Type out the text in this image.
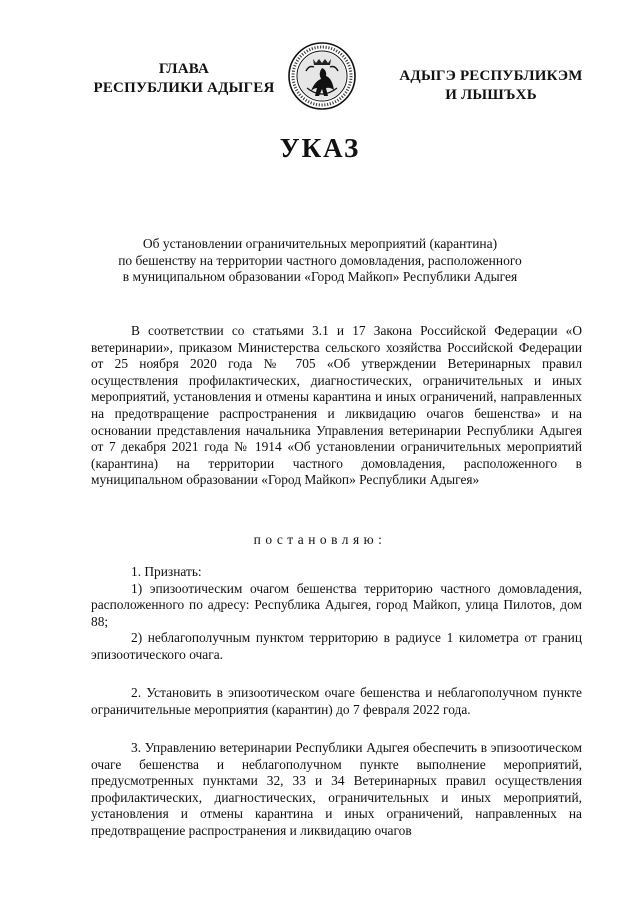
ГЛАВА
РЕСПУБЛИКИ АДЫГЕЯ
АДЫГЭ РЕСПУБЛИКЭМ
И ЛЫШЪХЬ
УКАЗ
Об установлении ограничительных мероприятий (карантина)
по бешенству на территории частного домовладения, расположенного
в муниципальном образовании «Город Майкоп» Республики Адыгея

В соответствии со статьями 3.1 и 17 Закона Российской Федерации «О ветеринарии», приказом Министерства сельского хозяйства Российской Федерации от 25 ноября 2020 года № 705 «Об утверждении Ветеринарных правил осуществления профилактических, диагностических, ограничительных и иных мероприятий, установления и отмены карантина и иных ограничений, направленных на предотвращение распространения и ликвидацию очагов бешенства» и на основании представления начальника Управления ветеринарии Республики Адыгея от 7 декабря 2021 года № 1914 «Об установлении ограничительных мероприятий (карантина) на территории частного домовладения, расположенного в муниципальном образовании «Город Майкоп» Республики Адыгея»

постановляю:

1. Признать:

1) эпизоотическим очагом бешенства территорию частного домовладения, расположенного по адресу: Республика Адыгея, город Майкоп, улица Пилотов, дом 88;

2) неблагополучным пунктом территорию в радиусе 1 километра от границ эпизоотического очага.

2. Установить в эпизоотическом очаге бешенства и неблагополучном пункте ограничительные мероприятия (карантин) до 7 февраля 2022 года.

3. Управлению ветеринарии Республики Адыгея обеспечить в эпизоотическом очаге бешенства и неблагополучном пункте выполнение мероприятий, предусмотренных пунктами 32, 33 и 34 Ветеринарных правил осуществления профилактических, диагностических, ограничительных и иных мероприятий, установления и отмены карантина и иных ограничений, направленных на предотвращение распространения и ликвидацию очагов
